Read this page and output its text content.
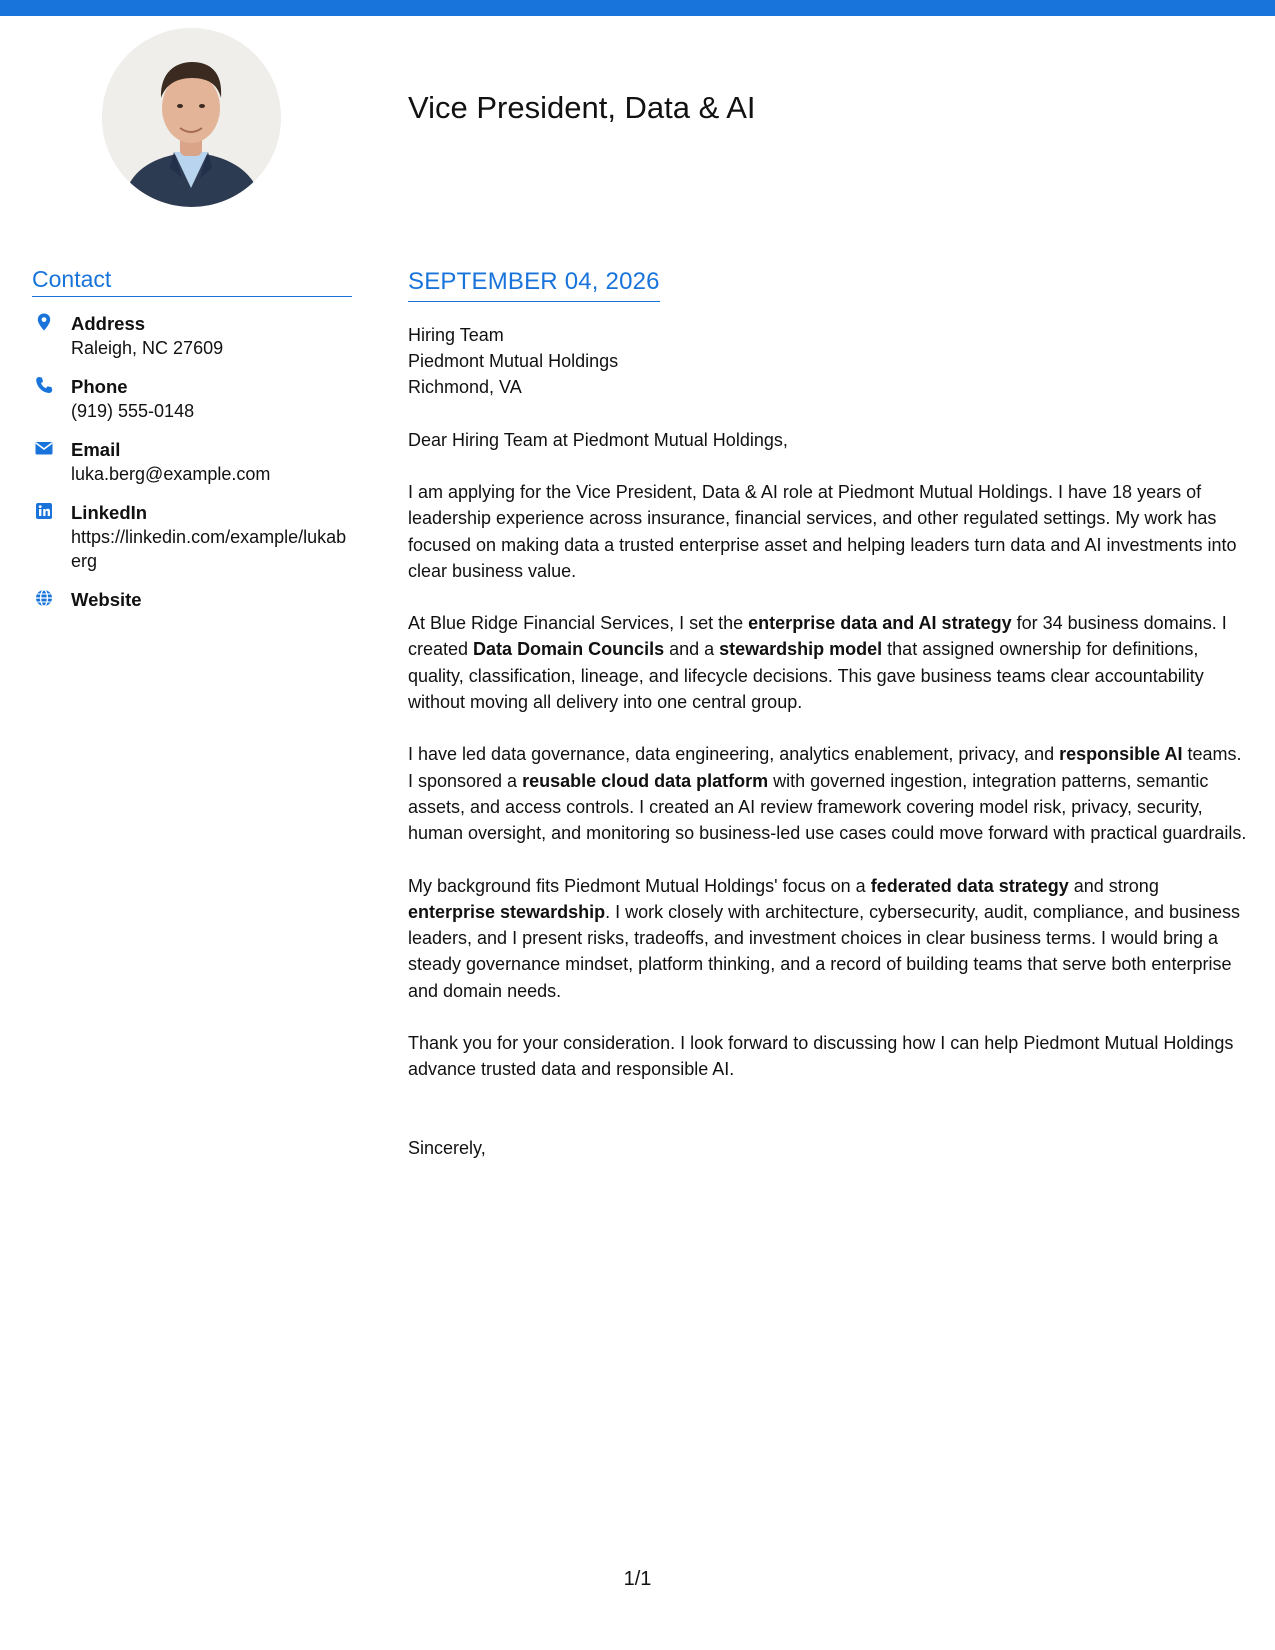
Vice President, Data & AI
Contact
Address
Raleigh, NC 27609
Phone
(919) 555-0148
Email
luka.berg@example.com
LinkedIn
https://linkedin.com/example/lukaberg
Website
SEPTEMBER 04, 2026
Hiring Team
Piedmont Mutual Holdings
Richmond, VA
Dear Hiring Team at Piedmont Mutual Holdings,

I am applying for the Vice President, Data & AI role at Piedmont Mutual Holdings. I have 18 years of leadership experience across insurance, financial services, and other regulated settings. My work has focused on making data a trusted enterprise asset and helping leaders turn data and AI investments into clear business value.

At Blue Ridge Financial Services, I set the enterprise data and AI strategy for 34 business domains. I created Data Domain Councils and a stewardship model that assigned ownership for definitions, quality, classification, lineage, and lifecycle decisions. This gave business teams clear accountability without moving all delivery into one central group.

I have led data governance, data engineering, analytics enablement, privacy, and responsible AI teams. I sponsored a reusable cloud data platform with governed ingestion, integration patterns, semantic assets, and access controls. I created an AI review framework covering model risk, privacy, security, human oversight, and monitoring so business-led use cases could move forward with practical guardrails.

My background fits Piedmont Mutual Holdings' focus on a federated data strategy and strong enterprise stewardship. I work closely with architecture, cybersecurity, audit, compliance, and business leaders, and I present risks, tradeoffs, and investment choices in clear business terms. I would bring a steady governance mindset, platform thinking, and a record of building teams that serve both enterprise and domain needs.

Thank you for your consideration. I look forward to discussing how I can help Piedmont Mutual Holdings advance trusted data and responsible AI.

Sincerely,
1/1
